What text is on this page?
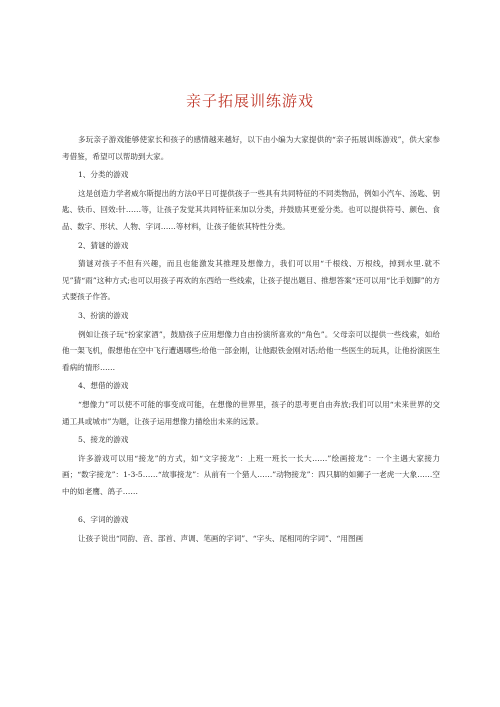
亲子拓展训练游戏

多玩亲子游戏能够使家长和孩子的感情越来越好，以下由小编为大家提供的“亲子拓展训练游戏”，供大家参考借鉴，希望可以帮助到大家。

1、分类的游戏

这是创造力学者威尔斯提出的方法0平日可提供孩子一些具有共同特征的不同类物品，例如小汽车、汤匙、钥匙、铁币、回效:针……等，让孩子发觉其共同特征来加以分类，并鼓励其更爱分类。也可以提供符号、颜色、食品、数字、形状、人物、字词……等材料，让孩子能依其特性分类。

2、猜谜的游戏

猜谜对孩子不但有兴趣，而且也能激发其推理及想像力，我们可以用“千根线、万根线，掉到水里.就不见”猜“雨”这种方式;也可以用孩子再欢的东西给一些线索，让孩子提出题目、推想答案“还可以用“比手划脚”的方式要孩子作答。

3、扮演的游戏

例如让孩子玩“扮家家酒”，鼓励孩子应用想像力自由扮演所喜欢的“角色”。父母亲可以提供一些线索，如给他一架飞机，假想他在空中飞行遭遇哪些;给他一部金刚，让他跟铁金刚对话;给他一些医生的玩具，让他扮演医生看病的情形……

4、想借的游戏

“想像力”可以使不可能的事变成可能，在想像的世界里，孩子的思考更自由奔放;我们可以用“未来世界的交通工具或城市”为题，让孩子运用想像力描绘出未来的远景。

5、接龙的游戏

许多游戏可以用“接龙”的方式，如“文字接龙”：上班一班长一长大……”绘画接龙”：一个主遇大家接力画；“数字接龙”：1-3-5……“故事接龙”：从前有一个猎人……”动物接龙”：四只脚的如狮子一老虎一大象……空中的如老鹰、鸽子……

6、字词的游戏

让孩子说出“同韵、音、部首、声调、笔画的字词”、“字头、尾相同的字词”、“用图画
